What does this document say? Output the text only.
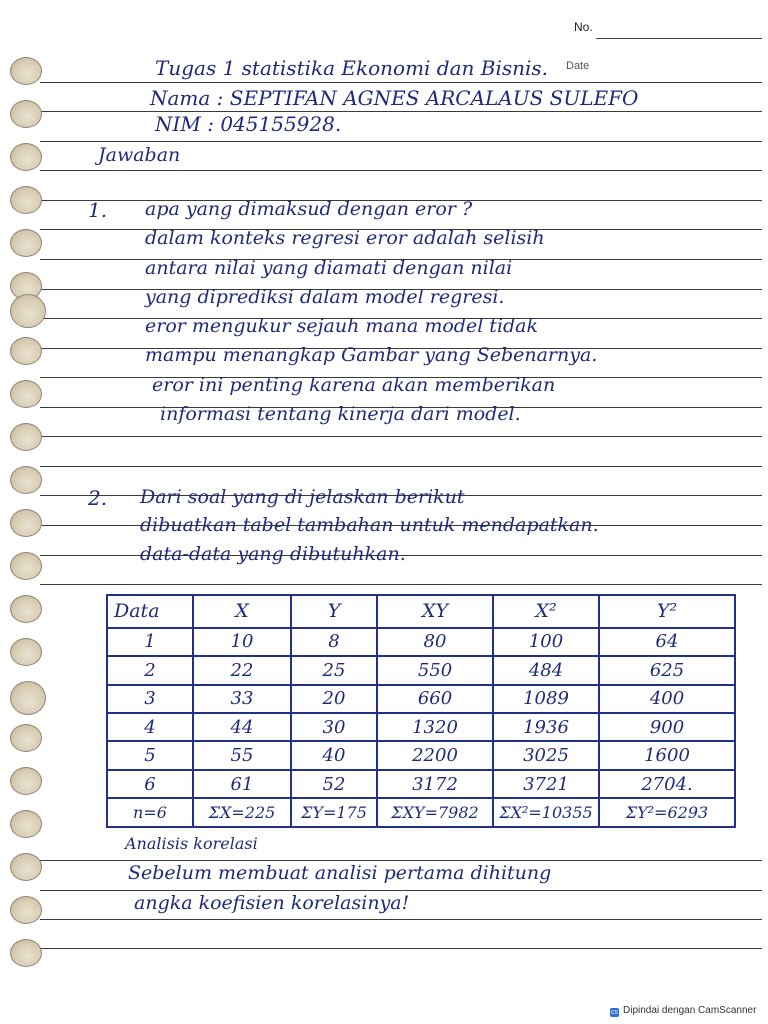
No.
Date
Tugas 1 statistika Ekonomi dan Bisnis.
Nama : SEPTIFAN AGNES ARCALAUS SULEFO
NIM : 045155928.
Jawaban
1. apa yang dimaksud dengan eror ?
dalam konteks regresi eror adalah selisih
antara nilai yang diamati dengan nilai
yang diprediksi dalam model regresi.
eror mengukur sejauh mana model tidak
mampu menangkap Gambar yang Sebenarnya.
eror ini penting karena akan memberikan
informasi tentang kinerja dari model.
2. Dari soal yang di jelaskan berikut
dibuatkan tabel tambahan untuk mendapatkan.
data-data yang dibutuhkan.
Data	X	Y	XY	X²	Y²
1	10	8	80	100	64
2	22	25	550	484	625
3	33	20	660	1089	400
4	44	30	1320	1936	900
5	55	40	2200	3025	1600
6	61	52	3172	3721	2704.
n=6	ΣX=225	ΣY=175	ΣXY=7982	ΣX²=10355	ΣY²=6293
Analisis korelasi
Sebelum membuat analisi pertama dihitung
angka koefisien korelasinya!
cs Dipindai dengan CamScanner
